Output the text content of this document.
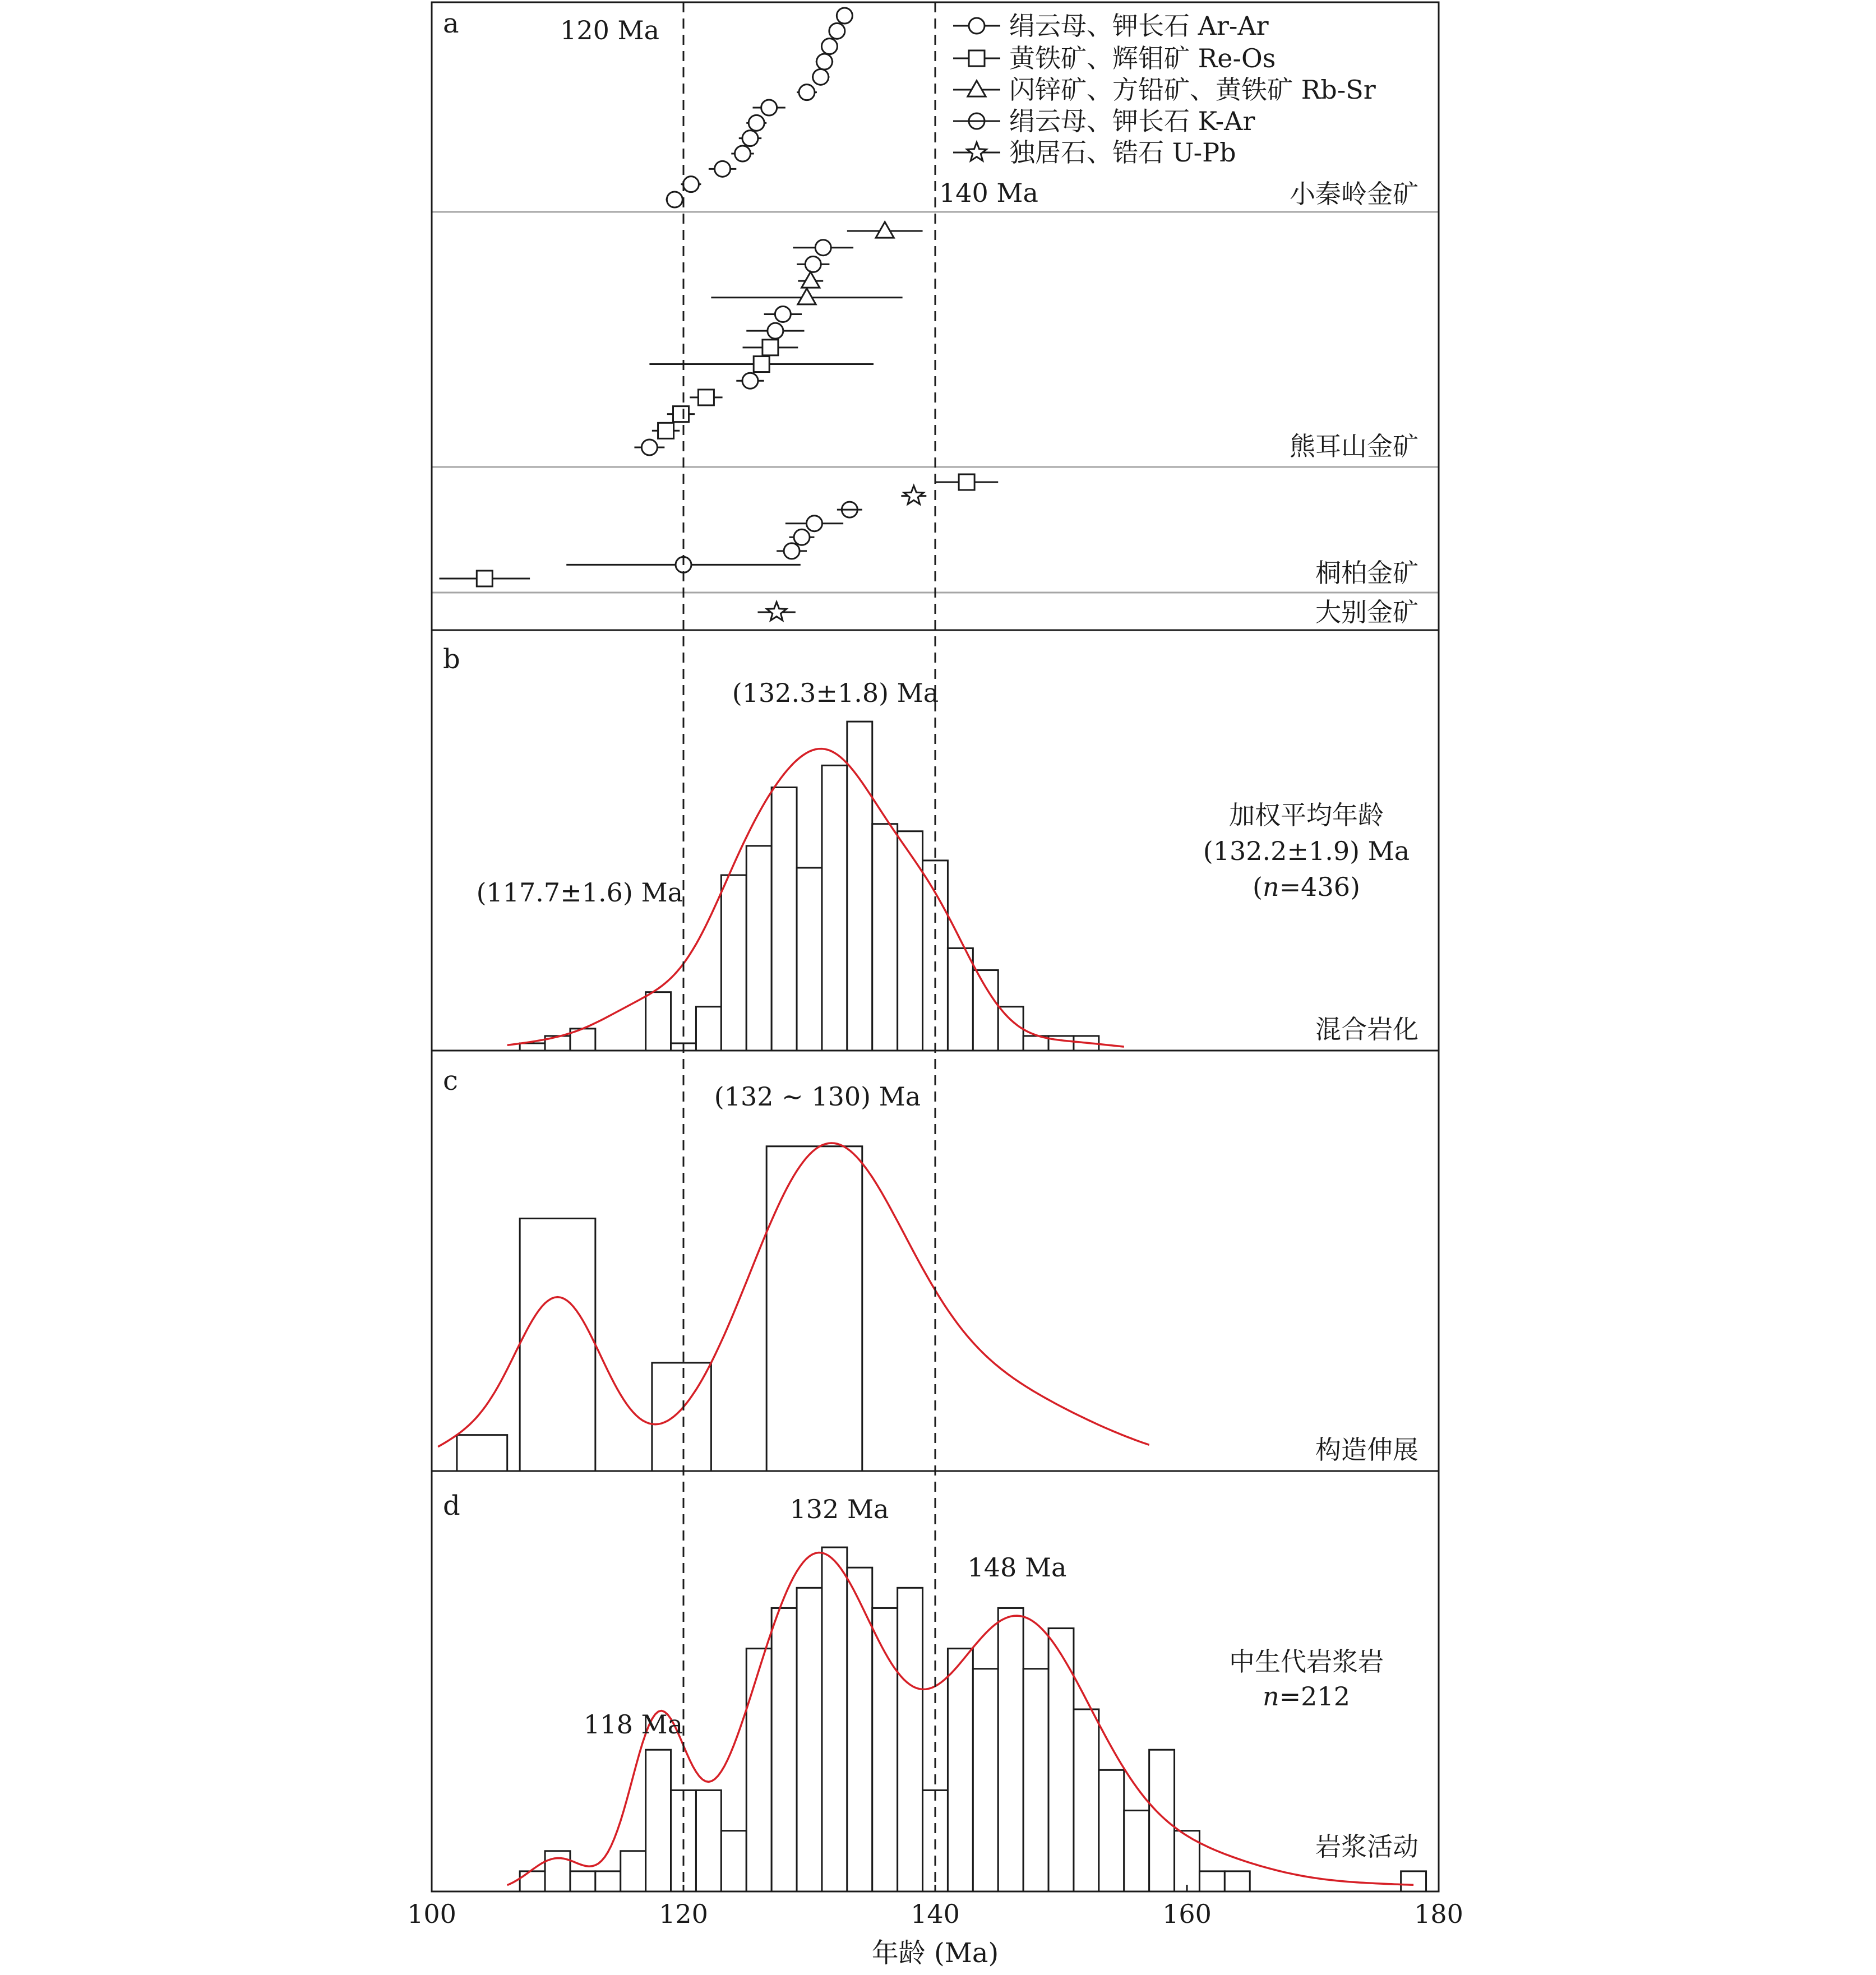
a	120 Ma
140 Ma
绢云母、钾长石 Ar-Ar
黄铁矿、辉钼矿 Re-Os
闪锌矿、方铅矿、黄铁矿 Rb-Sr
绢云母、钾长石 K-Ar
独居石、锆石 U-Pb
小秦岭金矿
熊耳山金矿
桐柏金矿
大别金矿
b
(132.3±1.8) Ma
(117.7±1.6) Ma
加权平均年龄
(132.2±1.9) Ma
(n=436)
混合岩化
c	(132 ~ 130) Ma
构造伸展
d	132 Ma
148 Ma
118 Ma
中生代岩浆岩
n=212
岩浆活动
100	120	140	160	180
年龄 (Ma)
